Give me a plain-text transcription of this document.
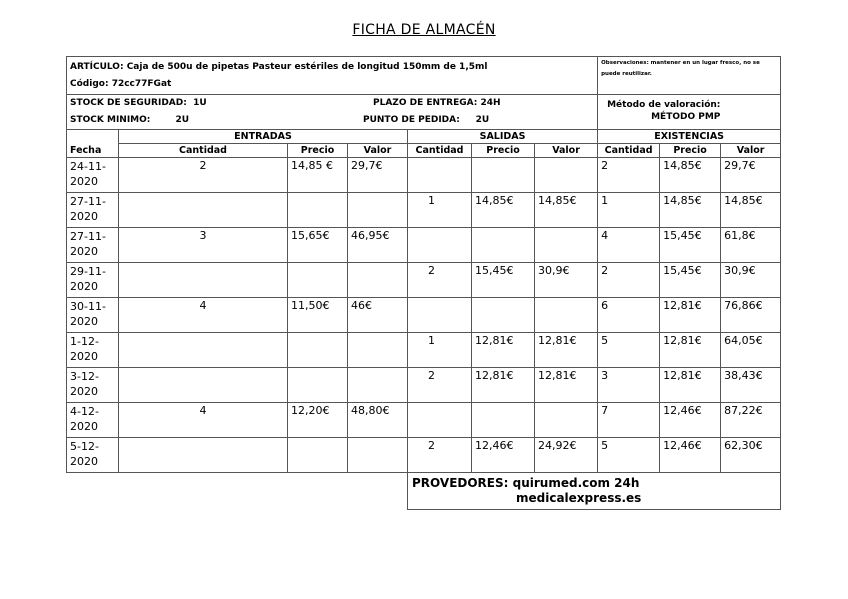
FICHA DE ALMACÉN
ARTÍCULO: Caja de 500u de pipetas Pasteur estériles de longitud 150mm de 1,5ml
Código: 72cc77FGat							Observaciones: mantener en un lugar fresco, no se puede reutilizar.		

STOCK DE SEGURIDAD: 1U PLAZO DE ENTREGA: 24H
STOCK MINIMO: 2U PUNTO DE PEDIDA: 2U							Método de valoración:
MÉTODO PMP		

	ENTRADAS			SALIDAS			EXISTENCIAS		
Fecha	Cantidad	Precio	Valor	Cantidad	Precio	Valor	Cantidad	Precio	Valor
24-11-2020	2	14,85 €	29,7€				2	14,85€	29,7€
27-11-2020				1	14,85€	14,85€	1	14,85€	14,85€
27-11-2020	3	15,65€	46,95€				4	15,45€	61,8€
29-11-2020				2	15,45€	30,9€	2	15,45€	30,9€
30-11-2020	4	11,50€	46€				6	12,81€	76,86€
1-12-2020				1	12,81€	12,81€	5	12,81€	64,05€
3-12-2020				2	12,81€	12,81€	3	12,81€	38,43€
4-12-2020	4	12,20€	48,80€				7	12,46€	87,22€
5-12-2020				2	12,46€	24,92€	5	12,46€	62,30€
				PROVEDORES: quirumed.com 24h
medicalexpress.es					
